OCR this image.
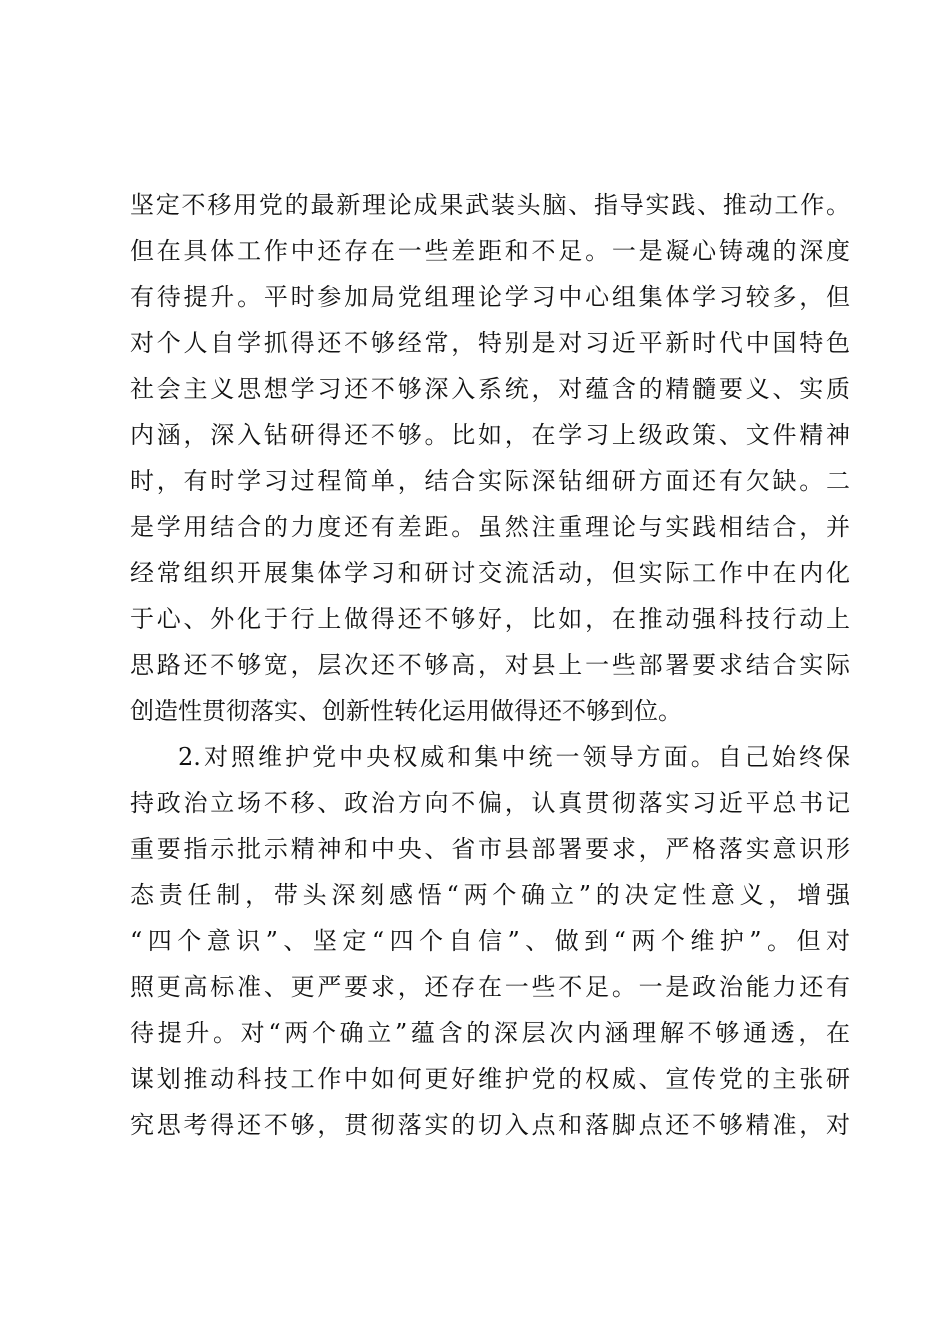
坚定不移用党的最新理论成果武装头脑、指导实践、推动工作。
但在具体工作中还存在一些差距和不足。一是凝心铸魂的深度
有待提升。平时参加局党组理论学习中心组集体学习较多，但
对个人自学抓得还不够经常，特别是对习近平新时代中国特色
社会主义思想学习还不够深入系统，对蕴含的精髓要义、实质
内涵，深入钻研得还不够。比如，在学习上级政策、文件精神
时，有时学习过程简单，结合实际深钻细研方面还有欠缺。二
是学用结合的力度还有差距。虽然注重理论与实践相结合，并
经常组织开展集体学习和研讨交流活动，但实际工作中在内化
于心、外化于行上做得还不够好，比如，在推动强科技行动上
思路还不够宽，层次还不够高，对县上一些部署要求结合实际
创造性贯彻落实、创新性转化运用做得还不够到位。
2.对照维护党中央权威和集中统一领导方面。自己始终保
持政治立场不移、政治方向不偏，认真贯彻落实习近平总书记
重要指示批示精神和中央、省市县部署要求，严格落实意识形
态责任制，带头深刻感悟“两个确立”的决定性意义，增强
“四个意识”、坚定“四个自信”、做到“两个维护”。但对
照更高标准、更严要求，还存在一些不足。一是政治能力还有
待提升。对“两个确立”蕴含的深层次内涵理解不够通透，在
谋划推动科技工作中如何更好维护党的权威、宣传党的主张研
究思考得还不够，贯彻落实的切入点和落脚点还不够精准，对
